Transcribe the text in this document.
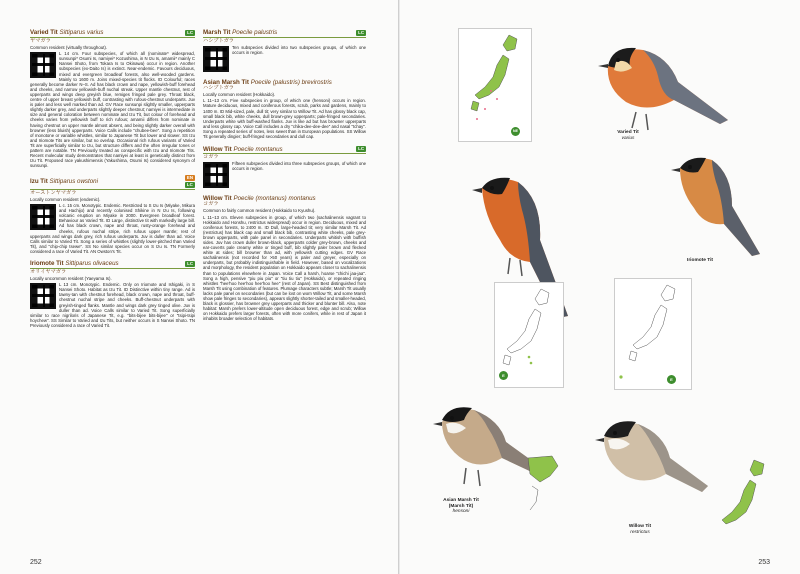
Varied Tit Sittiparus varius	LC
ヤマガラ
Common resident (virtually throughout).
L 14 cm. Four subspecies, of which all (nominate* widespread, sunsunpi* Osumi Is, namiyei* Kozushima, in N Izu Is, amamii* mainly C Nansei Shoto, from Tokara Is to Okinawa) occur in region. Another subspecies (ex-Daito Is) is extinct. Near-endemic. Favours deciduous, mixed and evergreen broadleaf forests, also well-wooded gardens. Mainly to 1600 m. Joins mixed-species tit flocks. ID Colourful; races generally become darker N–S. Ad has black crown and nape, yellowish-buff forehead and cheeks, and narrow yellowish-buff nuchal streak. Upper mantle chestnut, rest of upperparts and wings deep greyish blue, remiges fringed pale grey. Throat black, centre of upper breast yellowish buff, contrasting with rufous-chestnut underparts. Juv is paler and less well marked than ad. GV Race sunsunpi slightly smaller, upperparts slightly darker grey, and underparts slightly deeper chestnut; namiyei is intermediate in size and general coloration between nominate and Izu Tit, but colour of forehead and cheeks varies from yellowish buff to rich rufous; amamii differs from nominate in having chestnut on upper mantle almost absent, and being slightly darker overall with browner (less bluish) upperparts. Voice Calls include "chubee-bee". Song a repetition of monotone or variable whistles, similar to Japanese Tit but lower and slower. SS Izu and Iriomote Tits are similar, but no overlap. Occasional rich rufous variants of Varied Tit are superficially similar to Izu, but structure differs and the often irregular tones or pattern are notable. TN Previously treated as conspecific with Izu and Iriomote Tits. Recent molecular study demonstrates that namiyei at least is genetically distinct from Izu Tit. Proposed race yakushimensis (Yakushima, Osumi Is) considered synonym of sunsunpi.
Izu Tit Sittiparus owstoni
EN
LC
オーストンヤマガラ
Locally common resident (endemic).
L c. 15 cm. Monotypic. Endemic. Restricted to S Izu Is (Miyake, Mikura and Hachijo) and recently colonised Shikine in N Izu Is, following volcanic eruption on Miyake in 2000. Evergreen broadleaf forest. Behaviour as Varied Tit. ID Large, distinctive tit with markedly large bill. Ad has black crown, nape and throat, rusty-orange forehead and cheeks, rufous nuchal stripe, rich rufous upper mantle; rest of upperparts and wings dark grey, rich rufous underparts. Juv is duller than ad. Voice Calls similar to Varied Tit. Song a series of whistles (slightly lower-pitched than Varied Tit), and "chip-chip tsewe". SS No similar species occur on S Izu Is. TN Formerly considered a race of Varied Tit. AN Owston's Tit.
Iriomote Tit Sittiparus olivaceus	LC
オリイヤマガラ
Locally uncommon resident (Yaeyama Is).
L 13 cm. Monotypic. Endemic. Only on Iriomote and Ishigaki, in S Nansei Shoto. Habitat as Izu Tit. ID Distinctive within tiny range. Ad is tawny-tan with chestnut forehead, black crown, nape and throat, buff-chestnut nuchal stripe and cheeks. Buff-chestnut underparts with greyish-tinged flanks. Mantle and wings dark grey tinged olive. Juv is duller than ad. Voice Calls similar to Varied Tit. Song superficially similar to race nigriloris of Japanese Tit, e.g. "bits-bijee bits-bijee" or "tsipi-tsipi hoychew". SS Similar to Varied and Izu Tits, but neither occurs in S Nansei Shoto. TN Previously considered a race of Varied Tit.
Marsh Tit Poecile palustris	LC
ハシブトガラ
Ten subspecies divided into two subspecies groups, of which one occurs in region.
Asian Marsh Tit Poecile (palustris) brevirostris
ハシブトガラ
Locally common resident (Hokkaido).
L 11–13 cm. Five subspecies in group, of which one (hensoni) occurs in region. Mature deciduous, mixed and coniferous forests, scrub, parks and gardens, mainly to 1400 m. ID Mid-sized, pale, dull tit; very similar to Willow Tit. Ad has glossy black cap, small black bib, white cheeks, dull brown-grey upperparts; pale-fringed secondaries. Underparts white with buff-washed flanks. Juv is like ad but has browner upperparts and less glossy cap. Voice Call includes a dry "chika-dee-dee-dee" and nasal "tchay". Song a repeated series of notes, less sweet than in European populations. SS Willow Tit generally dingier; buff-fringed secondaries and dull cap.
Willow Tit Poecile montanus	LC
コガラ
Fifteen subspecies divided into three subspecies groups, of which one occurs in region.
Willow Tit Poecile (montanus) montanus
コガラ
Common to fairly common resident (Hokkaido to Kyushu).
L 11–13 cm. Eleven subspecies in group, of which two (sachalinensis vagrant to Hokkaido and Honshu, restrictus widespread) occur in region. Deciduous, mixed and coniferous forests, to 2400 m. ID Dull, large-headed tit; very similar Marsh Tit. Ad (restrictus) has black cap and small black bib, contrasting white cheeks, pale grey-brown upperparts, with pale panel in secondaries. Underparts whitish with buffish sides. Juv has crown duller brown-black, upperparts colder grey-brown, cheeks and ear-coverts pale creamy white or tinged buff, bib slightly paler brown and flecked white at sides; bill browner than ad, with yellowish cutting edges. GV Race sachalinensis (not recorded for >50 years) is paler and greyer, especially on underparts, but probably indistinguishable in field. However, based on vocalizations and morphology, the resident population on Hokkaido appears closer to sachalinensis than to populations elsewhere in Japan. Voice Call a harsh, hoarse "chichi jaa-jaa". Song a high, pensive "piu piu piu" or "tiu tiu tiu" (Hokkaido), or repeated ringing whistles "hee'hoo hee'hoo hee'hoo hee" (rest of Japan). SS Best distinguished from Marsh Tit using combination of features. Plumage characters subtle; Marsh Tit usually lacks pale panel on secondaries (but can be lost on worn Willow Tit, and some Marsh show pale fringes to secondaries), appears slightly shorter-tailed and smaller-headed, black is glossier, has browner grey upperparts and thicker and blunter bill. Also, note habitat: Marsh prefers lower-altitude open deciduous forest, edge and scrub; Willow on Hokkaido prefers larger forests, often with more conifers, while in rest of Japan it inhabits broader selection of habitats.
252
NE	Varied Tit
varius
Iriomote Tit
E
E
Asian Marsh Tit (Marsh Tit)
hensoni
Willow Tit
restrictus
253
